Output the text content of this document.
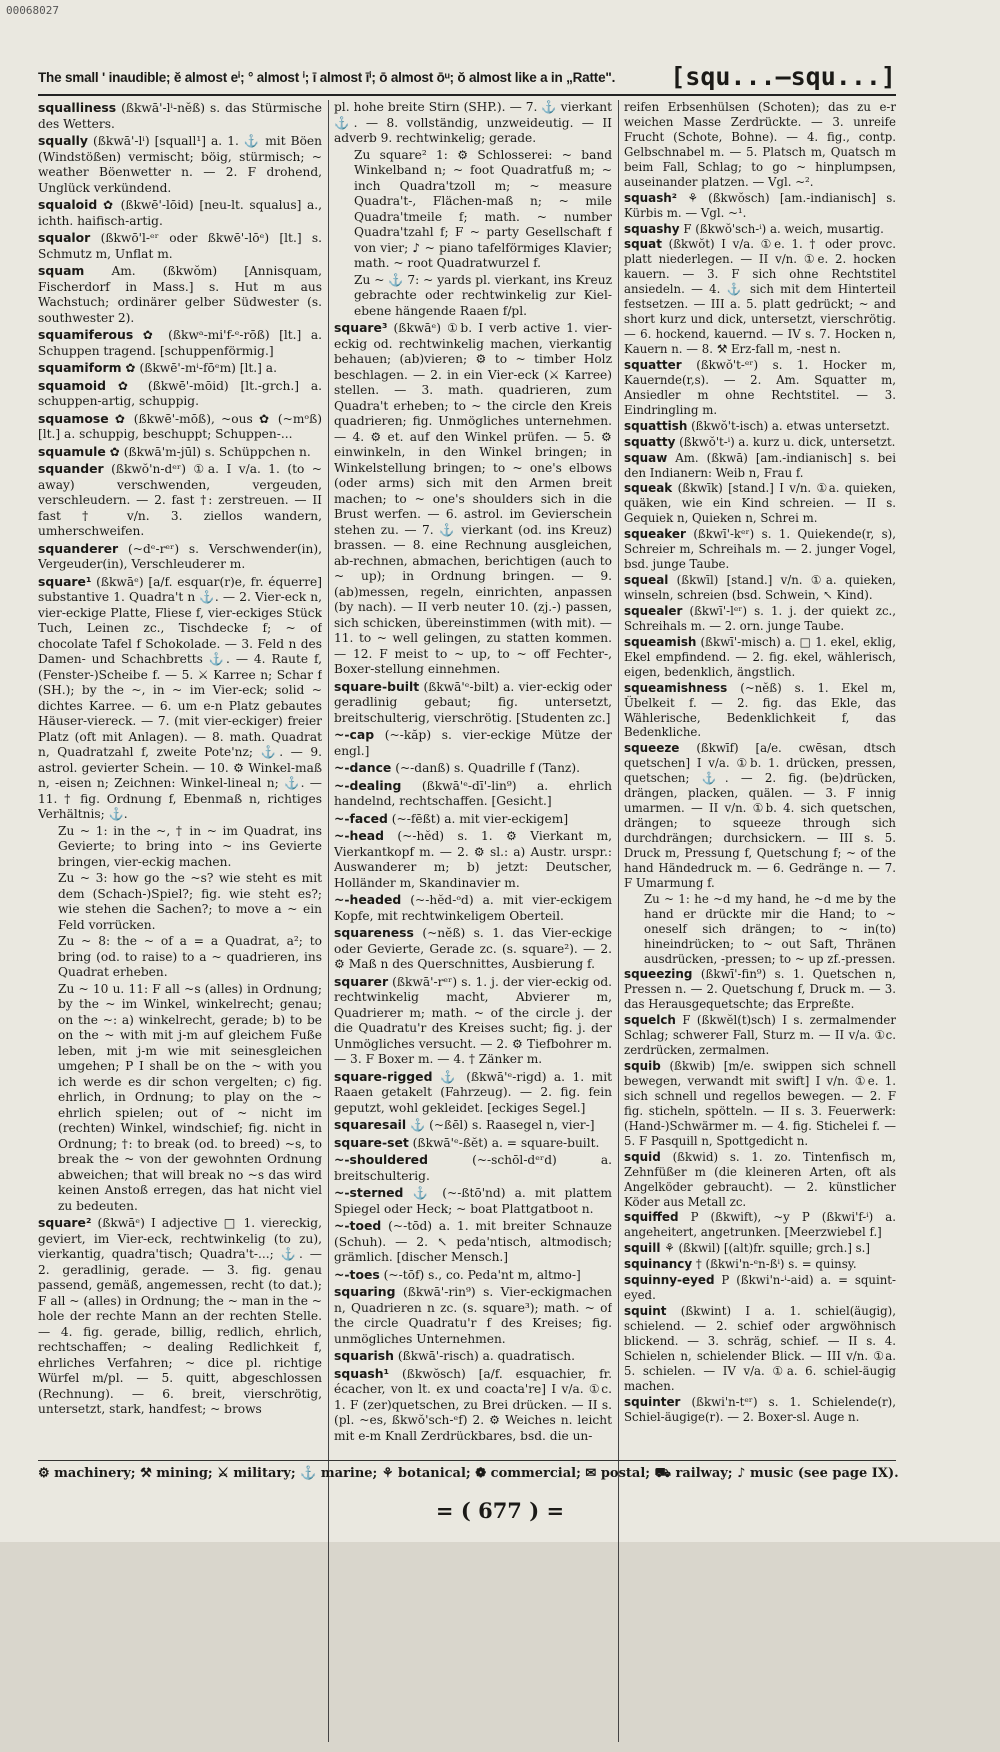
00068027
The small ' inaudible; ĕ almost eⁱ; ° almost ⁱ; ī almost īⁱ; ō almost ōᵘ; ŏ almost like a in „Ratte". [squ...—squ...]
squalliness (ßkwā'-lⁱ-nĕß) s. das Stürmische des Wetters.
squally (ßkwā'-lⁱ) [squall¹] a. 1. ⚓ mit Böen (Windstößen) vermischt; böig, stürmisch; ~ weather Böenwetter n. — 2. F drohend, Unglück verkündend.
squaloid ✿ (ßkwē'-lōid) [neu-lt. squalus] a., ichth. haifisch-artig.
squalor (ßkwō'l-ᵉʳ oder ßkwē'-lōᵉ) [lt.] s. Schmutz m, Unflat m.
squam Am. (ßkwŏm) [Annisquam, Fischerdorf in Mass.] s. Hut m aus Wachstuch; ordinärer gelber Südwester (s. southwester 2).
squamiferous ✿ (ßkwᵃ-mi'f-ᵉ-rōß) [lt.] a. Schuppen tragend. [schuppenförmig.]
squamiform ✿ (ßkwē'-mⁱ-fōᵉm) [lt.] a.
squamoid ✿ (ßkwē'-mōid) [lt.-grch.] a. schuppen-artig, schuppig.
squamose ✿ (ßkwē'-mōß), ~ous ✿ (~mᵒß) [lt.] a. schuppig, beschuppt; Schuppen-...
squamule ✿ (ßkwā'm-jūl) s. Schüppchen n.
squander (ßkwŏ'n-dᵉʳ) ①a. I v/a. 1. (to ~ away) verschwenden, vergeuden, verschleudern. — 2. fast †: zerstreuen. — II fast † v/n. 3. ziellos wandern, umherschweifen.
squanderer (~dᵉ-rᵉʳ) s. Verschwender(in), Vergeuder(in), Verschleuderer m.
square¹ (ßkwāᵉ) [a/f. esquar(r)e, fr. équerre] substantive 1. Quadra't n ⚓. — 2. Vier-eck n, vier-eckige Platte, Fliese f, vier-eckiges Stück Tuch, Leinen zc., Tischdecke f; ~ of chocolate Tafel f Schokolade. — 3. Feld n des Damen- und Schachbretts ⚓. — 4. Raute f, (Fenster-)Scheibe f. — 5. ⚔ Karree n; Schar f (SH.); by the ~, in ~ im Vier-eck; solid ~ dichtes Karree. — 6. um e-n Platz gebautes Häuser-viereck. — 7. (mit vier-eckiger) freier Platz (oft mit Anlagen). — 8. math. Quadrat n, Quadratzahl f, zweite Pote'nz; ⚓. — 9. astrol. gevierter Schein. — 10. ⚙ Winkel-maß n, -eisen n; Zeichnen: Winkel-lineal n; ⚓. — 11. † fig. Ordnung f, Ebenmaß n, richtiges Verhältnis; ⚓.
Zu ~ 1: in the ~, † in ~ im Quadrat, ins Gevierte; to bring into ~ ins Gevierte bringen, vier-eckig machen.
Zu ~ 3: how go the ~s? wie steht es mit dem (Schach-)Spiel?; fig. wie steht es?; wie stehen die Sachen?; to move a ~ ein Feld vorrücken.
Zu ~ 8: the ~ of a = a Quadrat, a²; to bring (od. to raise) to a ~ quadrieren, ins Quadrat erheben.
Zu ~ 10 u. 11: F all ~s (alles) in Ordnung; by the ~ im Winkel, winkelrecht; genau; on the ~: a) winkelrecht, gerade; b) to be on the ~ with mit j-m auf gleichem Fuße leben, mit j-m wie mit seinesgleichen umgehen; P I shall be on the ~ with you ich werde es dir schon vergelten; c) fig. ehrlich, in Ordnung; to play on the ~ ehrlich spielen; out of ~ nicht im (rechten) Winkel, windschief; fig. nicht in Ordnung; †: to break (od. to breed) ~s, to break the ~ von der gewohnten Ordnung abweichen; that will break no ~s das wird keinen Anstoß erregen, das hat nicht viel zu bedeuten.
square² (ßkwāᵉ) I adjective □ 1. viereckig, geviert, im Vier-eck, rechtwinkelig (to zu), vierkantig, quadra'tisch; Quadra't-...; ⚓. — 2. geradlinig, gerade. — 3. fig. genau passend, gemäß, angemessen, recht (to dat.); F all ~ (alles) in Ordnung; the ~ man in the ~ hole der rechte Mann an der rechten Stelle. — 4. fig. gerade, billig, redlich, ehrlich, rechtschaffen; ~ dealing Redlichkeit f, ehrliches Verfahren; ~ dice pl. richtige Würfel m/pl. — 5. quitt, abgeschlossen (Rechnung). — 6. breit, vierschrötig, untersetzt, stark, handfest; ~ brows
pl. hohe breite Stirn (SHP.). — 7. ⚓ vierkant ⚓. — 8. vollständig, unzweideutig. — II adverb 9. rechtwinkelig; gerade.
Zu square² 1: ⚙ Schlosserei: ~ band Winkelband n; ~ foot Quadratfuß m; ~ inch Quadra'tzoll m; ~ measure Quadra't-, Flächen-maß n; ~ mile Quadra'tmeile f; math. ~ number Quadra'tzahl f; F ~ party Gesellschaft f von vier; ♪ ~ piano tafelförmiges Klavier; math. ~ root Quadratwurzel f.
Zu ~ ⚓ 7: ~ yards pl. vierkant, ins Kreuz gebrachte oder rechtwinkelig zur Kiel-ebene hängende Raaen f/pl.
square³ (ßkwāᵉ) ①b. I verb active 1. vier-eckig od. rechtwinkelig machen, vierkantig behauen; (ab)vieren; ⚙ to ~ timber Holz beschlagen. — 2. in ein Vier-eck (⚔ Karree) stellen. — 3. math. quadrieren, zum Quadra't erheben; to ~ the circle den Kreis quadrieren; fig. Unmögliches unternehmen. — 4. ⚙ et. auf den Winkel prüfen. — 5. ⚙ einwinkeln, in den Winkel bringen; in Winkelstellung bringen; to ~ one's elbows (oder arms) sich mit den Armen breit machen; to ~ one's shoulders sich in die Brust werfen. — 6. astrol. im Gevierschein stehen zu. — 7. ⚓ vierkant (od. ins Kreuz) brassen. — 8. eine Rechnung ausgleichen, ab-rechnen, abmachen, berichtigen (auch to ~ up); in Ordnung bringen. — 9. (ab)messen, regeln, einrichten, anpassen (by nach). — II verb neuter 10. (zj.-) passen, sich schicken, übereinstimmen (with mit). — 11. to ~ well gelingen, zu statten kommen. — 12. F meist to ~ up, to ~ off Fechter-, Boxer-stellung einnehmen.
square-built (ßkwā'ᵉ-bilt) a. vier-eckig oder geradlinig gebaut; fig. untersetzt, breitschulterig, vierschrötig. [Studenten zc.]
~-cap (~-kăp) s. vier-eckige Mütze der engl.]
~-dance (~-danß) s. Quadrille f (Tanz).
~-dealing (ßkwā'ᵉ-dī'-lin⁹) a. ehrlich handelnd, rechtschaffen. [Gesicht.]
~-faced (~-fēßt) a. mit vier-eckigem]
~-head (~-hĕd) s. 1. ⚙ Vierkant m, Vierkantkopf m. — 2. ⚙ sl.: a) Austr. urspr.: Auswanderer m; b) jetzt: Deutscher, Holländer m, Skandinavier m.
~-headed (~-hĕd-ᵒd) a. mit vier-eckigem Kopfe, mit rechtwinkeligem Oberteil.
squareness (~nĕß) s. 1. das Vier-eckige oder Gevierte, Gerade zc. (s. square²). — 2. ⚙ Maß n des Querschnittes, Ausbierung f.
squarer (ßkwā'-rᵉʳ) s. 1. j. der vier-eckig od. rechtwinkelig macht, Abvierer m, Quadrierer m; math. ~ of the circle j. der die Quadratu'r des Kreises sucht; fig. j. der Unmögliches versucht. — 2. ⚙ Tiefbohrer m. — 3. F Boxer m. — 4. † Zänker m.
square-rigged ⚓ (ßkwā'ᵉ-rigd) a. 1. mit Raaen getakelt (Fahrzeug). — 2. fig. fein geputzt, wohl gekleidet. [eckiges Segel.]
squaresail ⚓ (~ßēl) s. Raasegel n, vier-]
square-set (ßkwā'ᵉ-ßĕt) a. = square-built.
~-shouldered (~-schōl-dᵉʳd) a. breitschulterig.
~-sterned ⚓ (~-ßtō'nd) a. mit plattem Spiegel oder Heck; ~ boat Plattgatboot n.
~-toed (~-tōd) a. 1. mit breiter Schnauze (Schuh). — 2. ↖ peda'ntisch, altmodisch; grämlich. [discher Mensch.]
~-toes (~-tōf) s., co. Peda'nt m, altmo-]
squaring (ßkwā'-rin⁹) s. Vier-eckigmachen n, Quadrieren n zc. (s. square³); math. ~ of the circle Quadratu'r f des Kreises; fig. unmögliches Unternehmen.
squarish (ßkwā'-risch) a. quadratisch.
squash¹ (ßkwŏsch) [a/f. esquachier, fr. écacher, von lt. ex und coacta're] I v/a. ①c. 1. F (zer)quetschen, zu Brei drücken. — II s. (pl. ~es, ßkwŏ'sch-ᵉf) 2. ⚙ Weiches n. leicht mit e-m Knall Zerdrückbares, bsd. die un-
reifen Erbsenhülsen (Schoten); das zu e-r weichen Masse Zerdrückte. — 3. unreife Frucht (Schote, Bohne). — 4. fig., contp. Gelbschnabel m. — 5. Platsch m, Quatsch m beim Fall, Schlag; to go ~ hinplumpsen, auseinander platzen. — Vgl. ~².
squash² ⚘ (ßkwŏsch) [am.-indianisch] s. Kürbis m. — Vgl. ~¹.
squashy F (ßkwŏ'sch-ⁱ) a. weich, musartig.
squat (ßkwŏt) I v/a. ①e. 1. † oder provc. platt niederlegen. — II v/n. ①e. 2. hocken kauern. — 3. F sich ohne Rechtstitel ansiedeln. — 4. ⚓ sich mit dem Hinterteil festsetzen. — III a. 5. platt gedrückt; ~ and short kurz und dick, untersetzt, vierschrötig. — 6. hockend, kauernd. — IV s. 7. Hocken n, Kauern n. — 8. ⚒ Erz-fall m, -nest n.
squatter (ßkwŏ't-ᵉʳ) s. 1. Hocker m, Kauernde(r,s). — 2. Am. Squatter m, Ansiedler m ohne Rechtstitel. — 3. Eindringling m.
squattish (ßkwŏ't-isch) a. etwas untersetzt.
squatty (ßkwŏ't-ⁱ) a. kurz u. dick, untersetzt.
squaw Am. (ßkwā) [am.-indianisch] s. bei den Indianern: Weib n, Frau f.
squeak (ßkwīk) [stand.] I v/n. ①a. quieken, quäken, wie ein Kind schreien. — II s. Gequiek n, Quieken n, Schrei m.
squeaker (ßkwī'-kᵉʳ) s. 1. Quiekende(r, s), Schreier m, Schreihals m. — 2. junger Vogel, bsd. junge Taube.
squeal (ßkwīl) [stand.] v/n. ①a. quieken, winseln, schreien (bsd. Schwein, ↖ Kind).
squealer (ßkwī'-lᵉʳ) s. 1. j. der quiekt zc., Schreihals m. — 2. orn. junge Taube.
squeamish (ßkwī'-misch) a. □ 1. ekel, eklig, Ekel empfindend. — 2. fig. ekel, wählerisch, eigen, bedenklich, ängstlich.
squeamishness (~nĕß) s. 1. Ekel m, Übelkeit f. — 2. fig. das Ekle, das Wählerische, Bedenklichkeit f, das Bedenkliche.
squeeze (ßkwīf) [a/e. cwēsan, dtsch quetschen] I v/a. ①b. 1. drücken, pressen, quetschen; ⚓. — 2. fig. (be)drücken, drängen, placken, quälen. — 3. F innig umarmen. — II v/n. ①b. 4. sich quetschen, drängen; to squeeze through sich durchdrängen; durchsickern. — III s. 5. Druck m, Pressung f, Quetschung f; ~ of the hand Händedruck m. — 6. Gedränge n. — 7. F Umarmung f.
Zu ~ 1: he ~d my hand, he ~d me by the hand er drückte mir die Hand; to ~ oneself sich drängen; to ~ in(to) hineindrücken; to ~ out Saft, Thränen ausdrücken, -pressen; to ~ up zf.-pressen.
squeezing (ßkwī'-fin⁹) s. 1. Quetschen n, Pressen n. — 2. Quetschung f, Druck m. — 3. das Herausgequetschte; das Erpreßte.
squelch F (ßkwĕl(t)sch) I s. zermalmender Schlag; schwerer Fall, Sturz m. — II v/a. ①c. zerdrücken, zermalmen.
squib (ßkwib) [m/e. swippen sich schnell bewegen, verwandt mit swift] I v/n. ①e. 1. sich schnell und regellos bewegen. — 2. F fig. sticheln, spötteln. — II s. 3. Feuerwerk: (Hand-)Schwärmer m. — 4. fig. Stichelei f. — 5. F Pasquill n, Spottgedicht n.
squid (ßkwid) s. 1. zo. Tintenfisch m, Zehnfüßer m (die kleineren Arten, oft als Angelköder gebraucht). — 2. künstlicher Köder aus Metall zc.
squiffed P (ßkwift), ~y P (ßkwi'f-ⁱ) a. angeheitert, angetrunken. [Meerzwiebel f.]
squill ⚘ (ßkwil) [(alt)fr. squille; grch.] s.]
squinancy † (ßkwi'n-ᵉn-ßⁱ) s. = quinsy.
squinny-eyed P (ßkwi'n-ⁱ-aid) a. = squint-eyed.
squint (ßkwint) I a. 1. schiel(äugig), schielend. — 2. schief oder argwöhnisch blickend. — 3. schräg, schief. — II s. 4. Schielen n, schielender Blick. — III v/n. ①a. 5. schielen. — IV v/a. ①a. 6. schiel-äugig machen.
squinter (ßkwi'n-tᵉʳ) s. 1. Schielende(r), Schiel-äugige(r). — 2. Boxer-sl. Auge n.
⚙ machinery; ⚒ mining; ⚔ military; ⚓ marine; ⚘ botanical; ❁ commercial; ✉ postal; ⛟ railway; ♪ music (see page IX).
= ( 677 ) =
